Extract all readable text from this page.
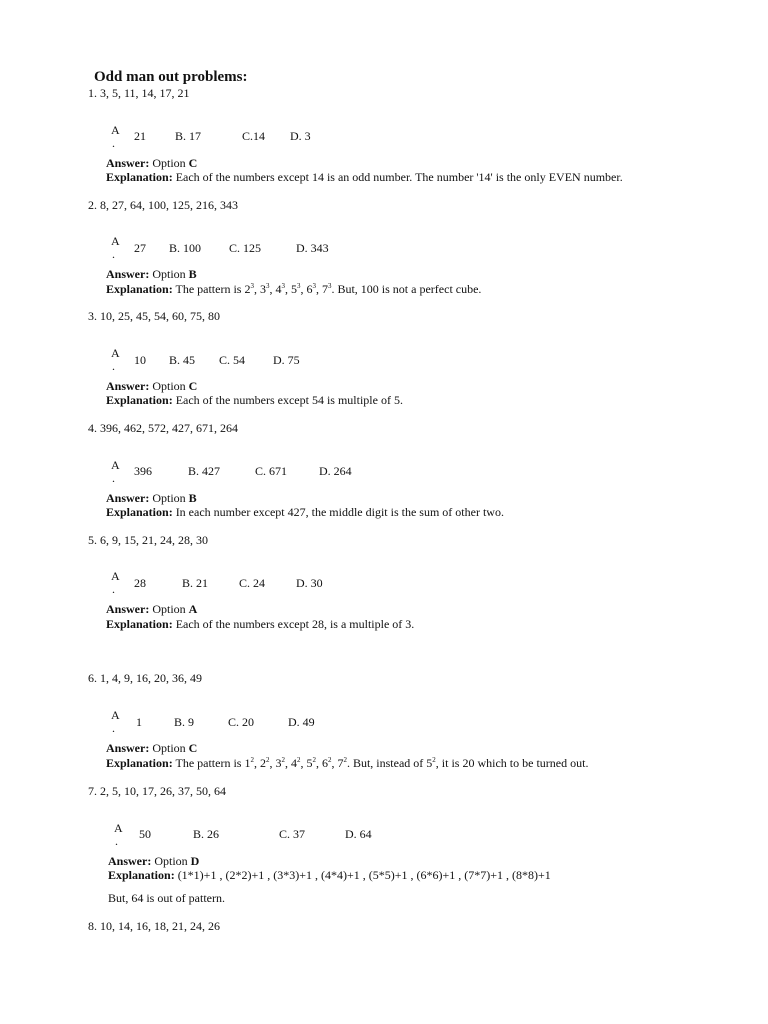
Odd man out problems:
1. 3, 5, 11, 14, 17, 21
A
. 21 B. 17	C.14 D. 3
Answer: Option C
Explanation: Each of the numbers except 14 is an odd number. The number '14' is the only EVEN number.
2. 8, 27, 64, 100, 125, 216, 343
A
. 27 B. 100 C. 125	D. 343
Answer: Option B
Explanation: The pattern is $2^3$, $3^3$, $4^3$, $5^3$, $6^3$, $7^3$. But, 100 is not a perfect cube.
3. 10, 25, 45, 54, 60, 75, 80
A
. 10 B. 45 C. 54 D. 75
Answer: Option C
Explanation: Each of the numbers except 54 is multiple of 5.
4. 396, 462, 572, 427, 671, 264
A
. 396	B. 427	C. 671	D. 264
Answer: Option B
Explanation: In each number except 427, the middle digit is the sum of other two.
5. 6, 9, 15, 21, 24, 28, 30
A
. 28	B. 21	C. 24	D. 30
Answer: Option A
Explanation: Each of the numbers except 28, is a multiple of 3.
6. 1, 4, 9, 16, 20, 36, 49
A
. 1	B. 9	C. 20	D. 49
Answer: Option C
Explanation: The pattern is $1^2$, $2^2$, $3^2$, $4^2$, $5^2$, $6^2$, $7^2$. But, instead of $5^2$, it is 20 which to be turned out.
7. 2, 5, 10, 17, 26, 37, 50, 64
A
. 50	B. 26	C. 37	D. 64
Answer: Option D
Explanation: (1*1)+1 , (2*2)+1 , (3*3)+1 , (4*4)+1 , (5*5)+1 , (6*6)+1 , (7*7)+1 , (8*8)+1
But, 64 is out of pattern.
8. 10, 14, 16, 18, 21, 24, 26
